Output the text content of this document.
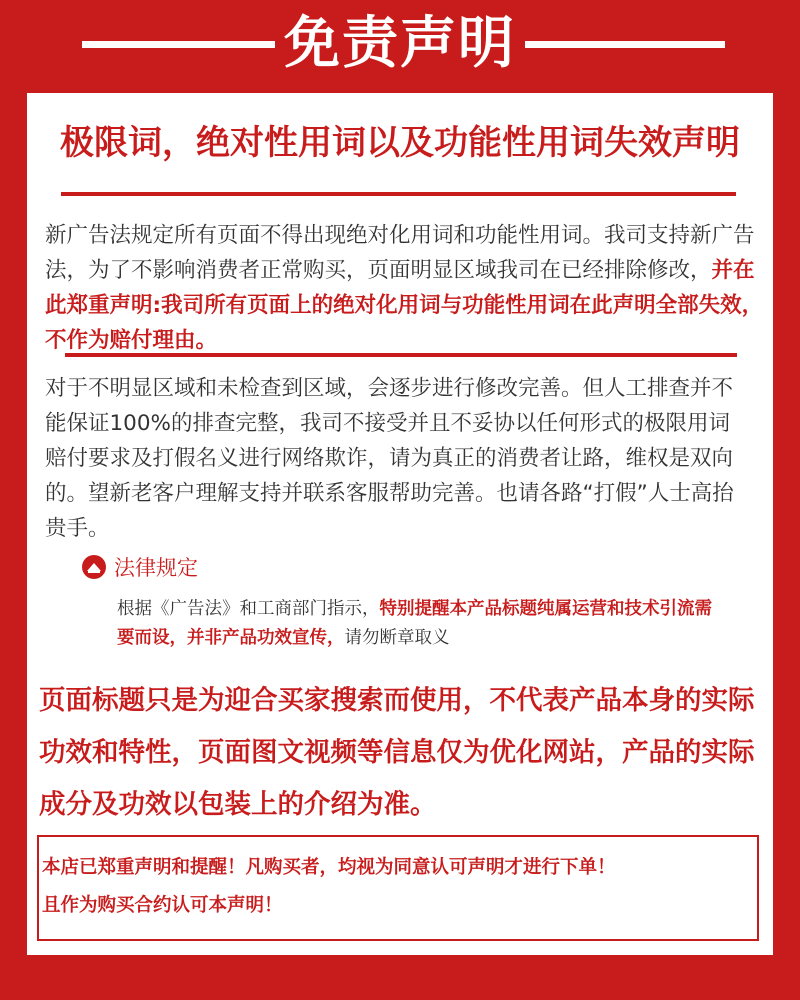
免责声明
极限词，绝对性用词以及功能性用词失效声明
新广告法规定所有页面不得出现绝对化用词和功能性用词。我司支持新广告法，为了不影响消费者正常购买，页面明显区域我司在已经排除修改，并在此郑重声明:我司所有页面上的绝对化用词与功能性用词在此声明全部失效，不作为赔付理由。
对于不明显区域和未检查到区域，会逐步进行修改完善。但人工排查并不能保证100%的排查完整，我司不接受并且不妥协以任何形式的极限用词赔付要求及打假名义进行网络欺诈，请为真正的消费者让路，维权是双向的。望新老客户理解支持并联系客服帮助完善。也请各路“打假”人士高抬贵手。
法律规定
根据《广告法》和工商部门指示，特别提醒本产品标题纯属运营和技术引流需要而设，并非产品功效宣传，请勿断章取义
页面标题只是为迎合买家搜索而使用，不代表产品本身的实际功效和特性，页面图文视频等信息仅为优化网站，产品的实际成分及功效以包装上的介绍为准。
本店已郑重声明和提醒！凡购买者，均视为同意认可声明才进行下单！
且作为购买合约认可本声明！
